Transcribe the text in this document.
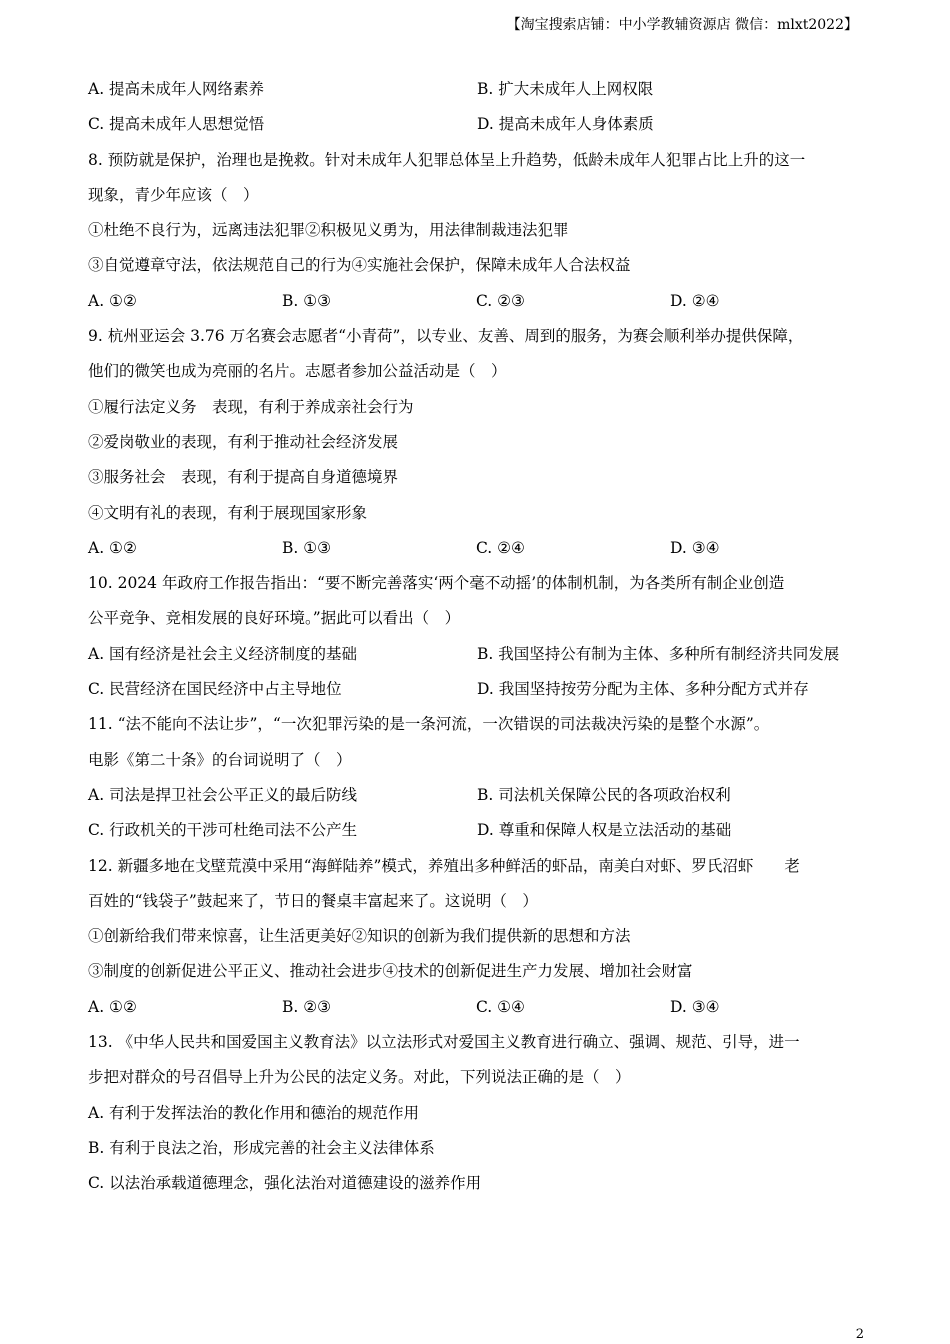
【淘宝搜索店铺：中小学教辅资源店 微信：mlxt2022】
A. 提高未成年人网络素养	B. 扩大未成年人上网权限
C. 提高未成年人思想觉悟	D. 提高未成年人身体素质
8. 预防就是保护，治理也是挽救。针对未成年人犯罪总体呈上升趋势，低龄未成年人犯罪占比上升的这一
现象，青少年应该（　）
①杜绝不良行为，远离违法犯罪②积极见义勇为，用法律制裁违法犯罪
③自觉遵章守法，依法规范自己的行为④实施社会保护，保障未成年人合法权益
A. ①②	B. ①③	C. ②③	D. ②④
9. 杭州亚运会 3.76 万名赛会志愿者“小青荷”，以专业、友善、周到的服务，为赛会顺利举办提供保障，
他们的微笑也成为亮丽的名片。志愿者参加公益活动是（　）
①履行法定义务　表现，有利于养成亲社会行为
②爱岗敬业的表现，有利于推动社会经济发展
③服务社会　表现，有利于提高自身道德境界
④文明有礼的表现，有利于展现国家形象
A. ①②	B. ①③	C. ②④	D. ③④
10. 2024 年政府工作报告指出：“要不断完善落实‘两个毫不动摇’的体制机制，为各类所有制企业创造
公平竞争、竞相发展的良好环境。”据此可以看出（　）
A. 国有经济是社会主义经济制度的基础	B. 我国坚持公有制为主体、多种所有制经济共同发展
C. 民营经济在国民经济中占主导地位	D. 我国坚持按劳分配为主体、多种分配方式并存
11. “法不能向不法让步”，“一次犯罪污染的是一条河流，一次错误的司法裁决污染的是整个水源”。
电影《第二十条》的台词说明了（　）
A. 司法是捍卫社会公平正义的最后防线	B. 司法机关保障公民的各项政治权利
C. 行政机关的干涉可杜绝司法不公产生	D. 尊重和保障人权是立法活动的基础
12. 新疆多地在戈壁荒漠中采用“海鲜陆养”模式，养殖出多种鲜活的虾品，南美白对虾、罗氏沼虾　　老
百姓的“钱袋子”鼓起来了，节日的餐桌丰富起来了。这说明（　）
①创新给我们带来惊喜，让生活更美好②知识的创新为我们提供新的思想和方法
③制度的创新促进公平正义、推动社会进步④技术的创新促进生产力发展、增加社会财富
A. ①②	B. ②③	C. ①④	D. ③④
13. 《中华人民共和国爱国主义教育法》以立法形式对爱国主义教育进行确立、强调、规范、引导，进一
步把对群众的号召倡导上升为公民的法定义务。对此，下列说法正确的是（　）
A. 有利于发挥法治的教化作用和德治的规范作用
B. 有利于良法之治，形成完善的社会主义法律体系
C. 以法治承载道德理念，强化法治对道德建设的滋养作用
2
